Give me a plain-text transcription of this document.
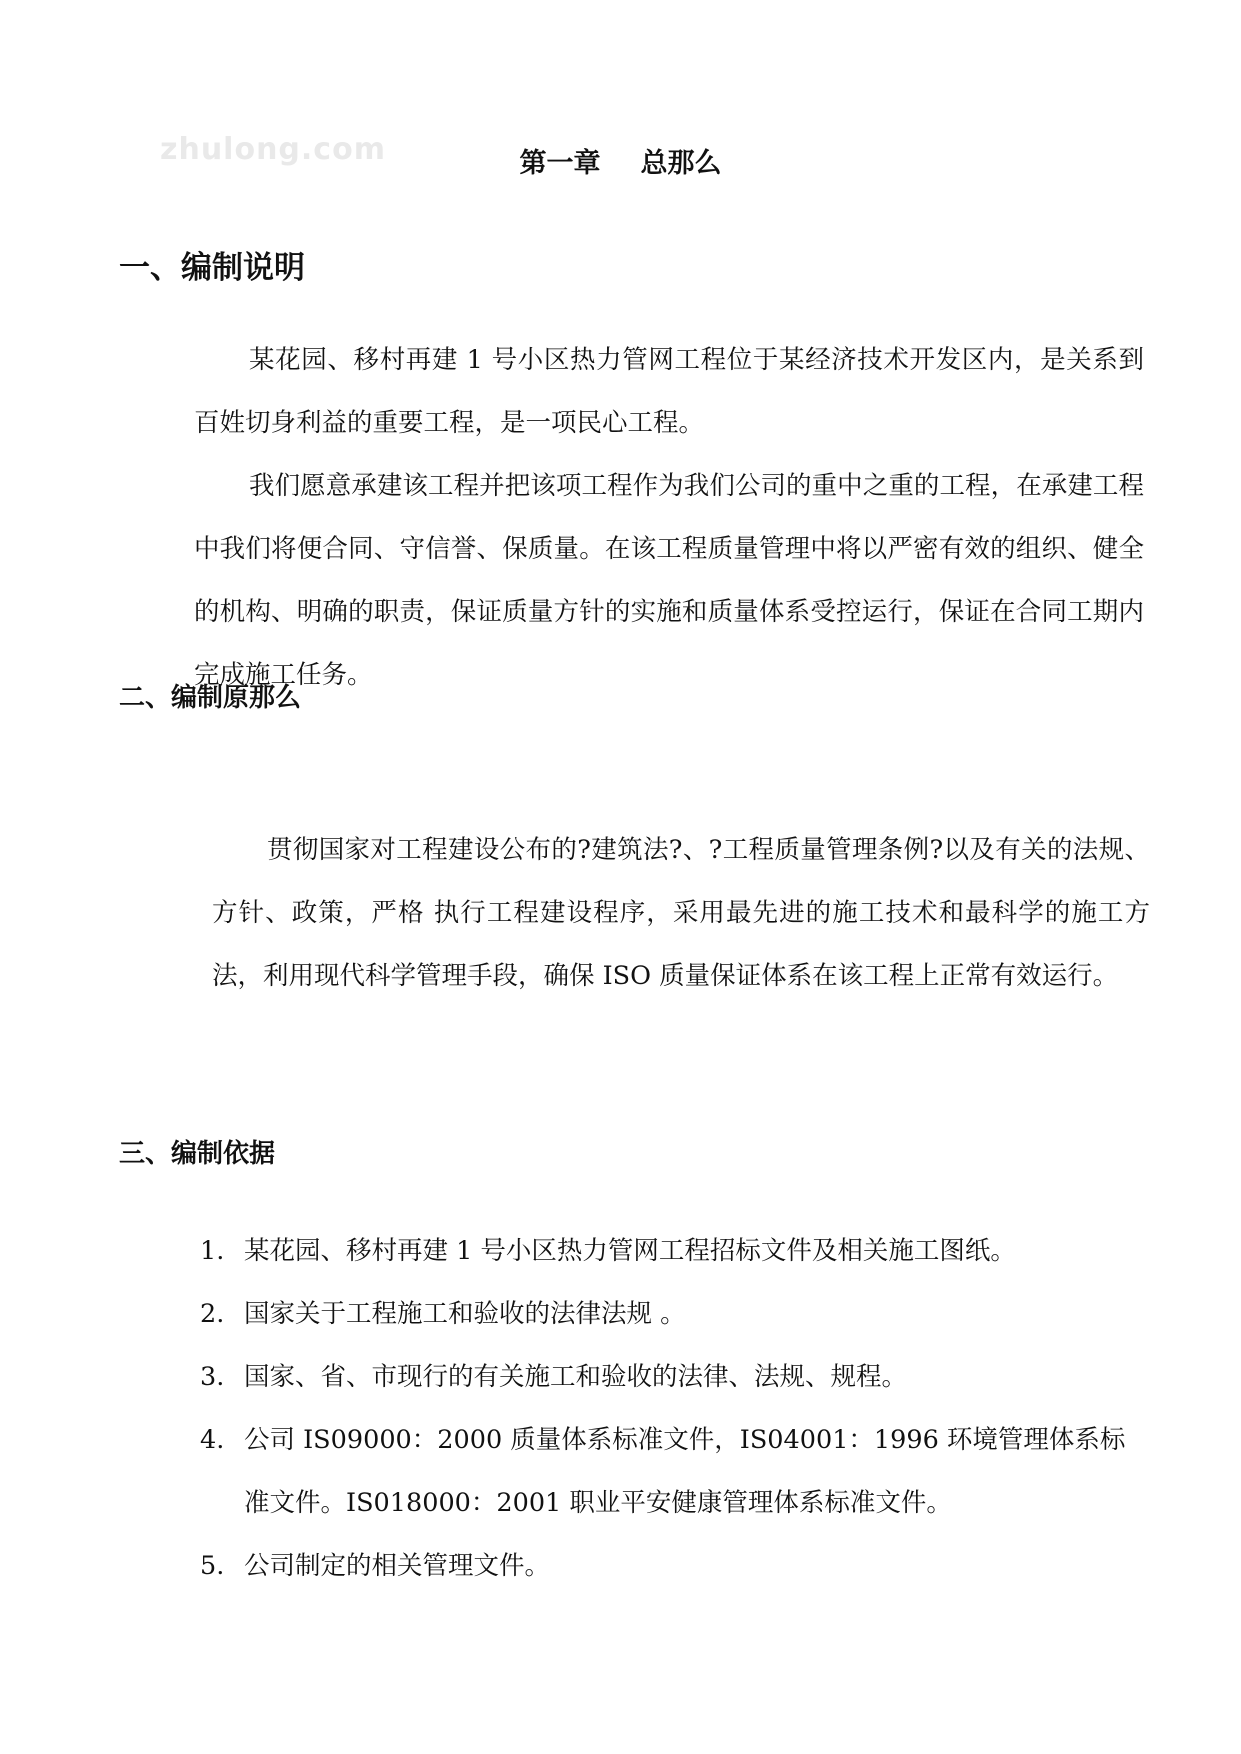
zhulong.com	第一章 总那么
一、编制说明

某花园、移村再建 1 号小区热力管网工程位于某经济技术开发区内，是关系到百姓切身利益的重要工程，是一项民心工程。

我们愿意承建该工程并把该项工程作为我们公司的重中之重的工程，在承建工程中我们将便合同、守信誉、保质量。在该工程质量管理中将以严密有效的组织、健全的机构、明确的职责，保证质量方针的实施和质量体系受控运行，保证在合同工期内完成施工任务。

二、编制原那么

贯彻国家对工程建设公布的?建筑法?、?工程质量管理条例?以及有关的法规、方针、政策，严格 执行工程建设程序，采用最先进的施工技术和最科学的施工方法，利用现代科学管理手段，确保 ISO 质量保证体系在该工程上正常有效运行。

三、编制依据
1. 某花园、移村再建 1 号小区热力管网工程招标文件及相关施工图纸。
2. 国家关于工程施工和验收的法律法规 。
3. 国家、省、市现行的有关施工和验收的法律、法规、规程。
4. 公司 IS09000：2000 质量体系标准文件，IS04001：1996 环境管理体系标准文件。IS018000：2001 职业平安健康管理体系标准文件。
5. 公司制定的相关管理文件。
